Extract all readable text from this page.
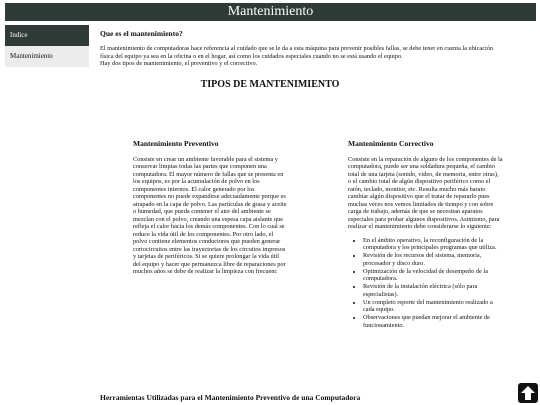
Mantenimiento
Indice
Mantenimiento
Que es el mantenimiento?

El mantenimiento de computadoras hace referencia al cuidado que se le da a esta máquina para prevenir posibles fallas, se debe tener en cuenta la ubicación física del equipo ya sea en la oficina o en el hogar, así como los cuidados especiales cuando no se está usando el equipo.

Hay dos tipos de mantenimiento, el preventivo y el correctivo.

TIPOS DE MANTENIMIENTO
Mantenimiento Preventivo

Consiste en crear un ambiente favorable para el sistema y conservar limpias todas las partes que componen una computadora. El mayor número de fallas que se presenta en los equipos, es por la acumulación de polvo en los componentes internos. El calor generado por los componentes no puede expandirse adecuadamente porque es atrapado en la capa de polvo. Las partículas de grasa y aceite o humedad, que pueda contener el aire del ambiente se mezclan con el polvo, creando una espesa capa aislante que refleja el calor hacia los demás componentes. Con lo cual se reduce la vida útil de los componentes. Por otro lado, el polvo contiene elementos conductores que pueden generar cortocircuitos entre las trayectorias de los circuitos impresos y tarjetas de periféricos. Si se quiere prolongar la vida útil del equipo y hacer que permanezca libre de reparaciones por muchos años se debe de realizar la limpieza con frecuenc

Mantenimiento Correctivo

Consiste en la reparación de alguno de los componentes de la computadora, puede ser una soldadura pequeña, el cambio total de una tarjeta (sonido, video, de memoria, entre otras), o el cambio total de algún dispositivo periférico como el ratón, teclado, monitor, etc. Resulta mucho más barato cambiar algún dispositivo que el tratar de repararlo pues muchas veces nos vemos limitados de tiempo y con sobre carga de trabajo, además de que se necesitan aparatos especiales para probar algunos dispositivos. Asimismo, para realizar el mantenimiento debe considerarse lo siguiente:

• En el ámbito operativo, la reconfiguración de la computadora y los principales programas que utiliza.
• Revisión de los recursos del sistema, memoria, procesador y disco duro.
• Optimización de la velocidad de desempeño de la computadora.
• Revisión de la instalación eléctrica (sólo para especialistas).
• Un completo reporte del mantenimiento realizado a cada equipo.
• Observaciones que puedan mejorar el ambiente de funcionamiento.
Herramientas Utilizadas para el Mantenimiento Preventivo de una Computadora
